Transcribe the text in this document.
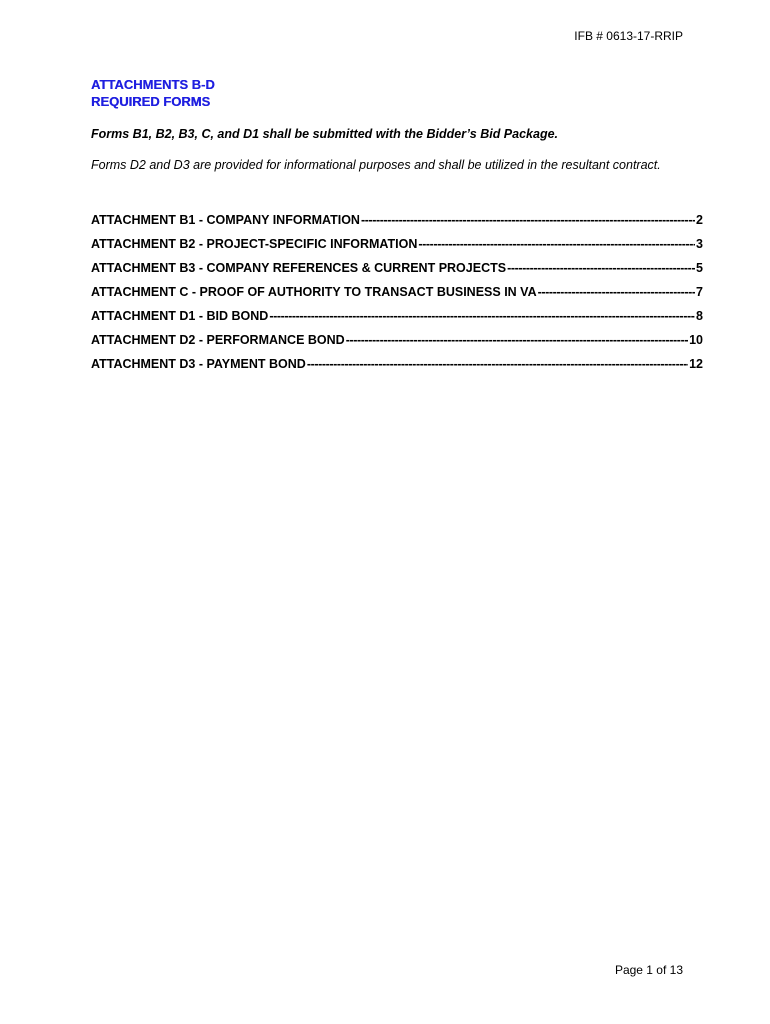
IFB # 0613-17-RRIP
ATTACHMENTS B-D
REQUIRED FORMS
Forms B1, B2, B3, C, and D1 shall be submitted with the Bidder’s Bid Package.
Forms D2 and D3 are provided for informational purposes and shall be utilized in the resultant contract.
ATTACHMENT B1 - COMPANY INFORMATION -----	2
ATTACHMENT B2 - PROJECT-SPECIFIC INFORMATION -----	3
ATTACHMENT B3 - COMPANY REFERENCES & CURRENT PROJECTS -----	5
ATTACHMENT C - PROOF OF AUTHORITY TO TRANSACT BUSINESS IN VA -----	7
ATTACHMENT D1 - BID BOND -----	8
ATTACHMENT D2 - PERFORMANCE BOND -----	10
ATTACHMENT D3 - PAYMENT BOND -----	12
Page 1 of 13
